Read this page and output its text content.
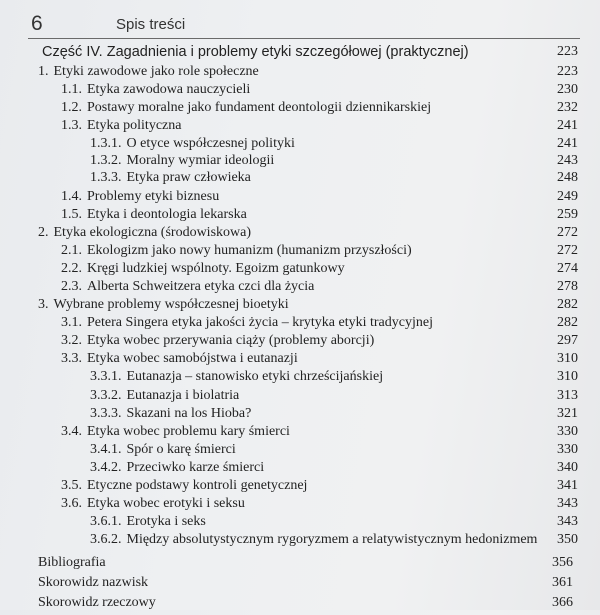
6	Spis treści
Część IV. Zagadnienia i problemy etyki szczegółowej (praktycznej)	223
1. Etyki zawodowe jako role społeczne	223
1.1. Etyka zawodowa nauczycieli	230
1.2. Postawy moralne jako fundament deontologii dziennikarskiej	232
1.3. Etyka polityczna	241
1.3.1. O etyce współczesnej polityki	241
1.3.2. Moralny wymiar ideologii	243
1.3.3. Etyka praw człowieka	248
1.4. Problemy etyki biznesu	249
1.5. Etyka i deontologia lekarska	259
2. Etyka ekologiczna (środowiskowa)	272
2.1. Ekologizm jako nowy humanizm (humanizm przyszłości)	272
2.2. Kręgi ludzkiej wspólnoty. Egoizm gatunkowy	274
2.3. Alberta Schweitzera etyka czci dla życia	278
3. Wybrane problemy współczesnej bioetyki	282
3.1. Petera Singera etyka jakości życia – krytyka etyki tradycyjnej	282
3.2. Etyka wobec przerywania ciąży (problemy aborcji)	297
3.3. Etyka wobec samobójstwa i eutanazji	310
3.3.1. Eutanazja – stanowisko etyki chrześcijańskiej	310
3.3.2. Eutanazja i biolatria	313
3.3.3. Skazani na los Hioba?	321
3.4. Etyka wobec problemu kary śmierci	330
3.4.1. Spór o karę śmierci	330
3.4.2. Przeciwko karze śmierci	340
3.5. Etyczne podstawy kontroli genetycznej	341
3.6. Etyka wobec erotyki i seksu	343
3.6.1. Erotyka i seks	343
3.6.2. Między absolutystycznym rygoryzmem a relatywistycznym hedonizmem	350
Bibliografia	356
Skorowidz nazwisk	361
Skorowidz rzeczowy	366
